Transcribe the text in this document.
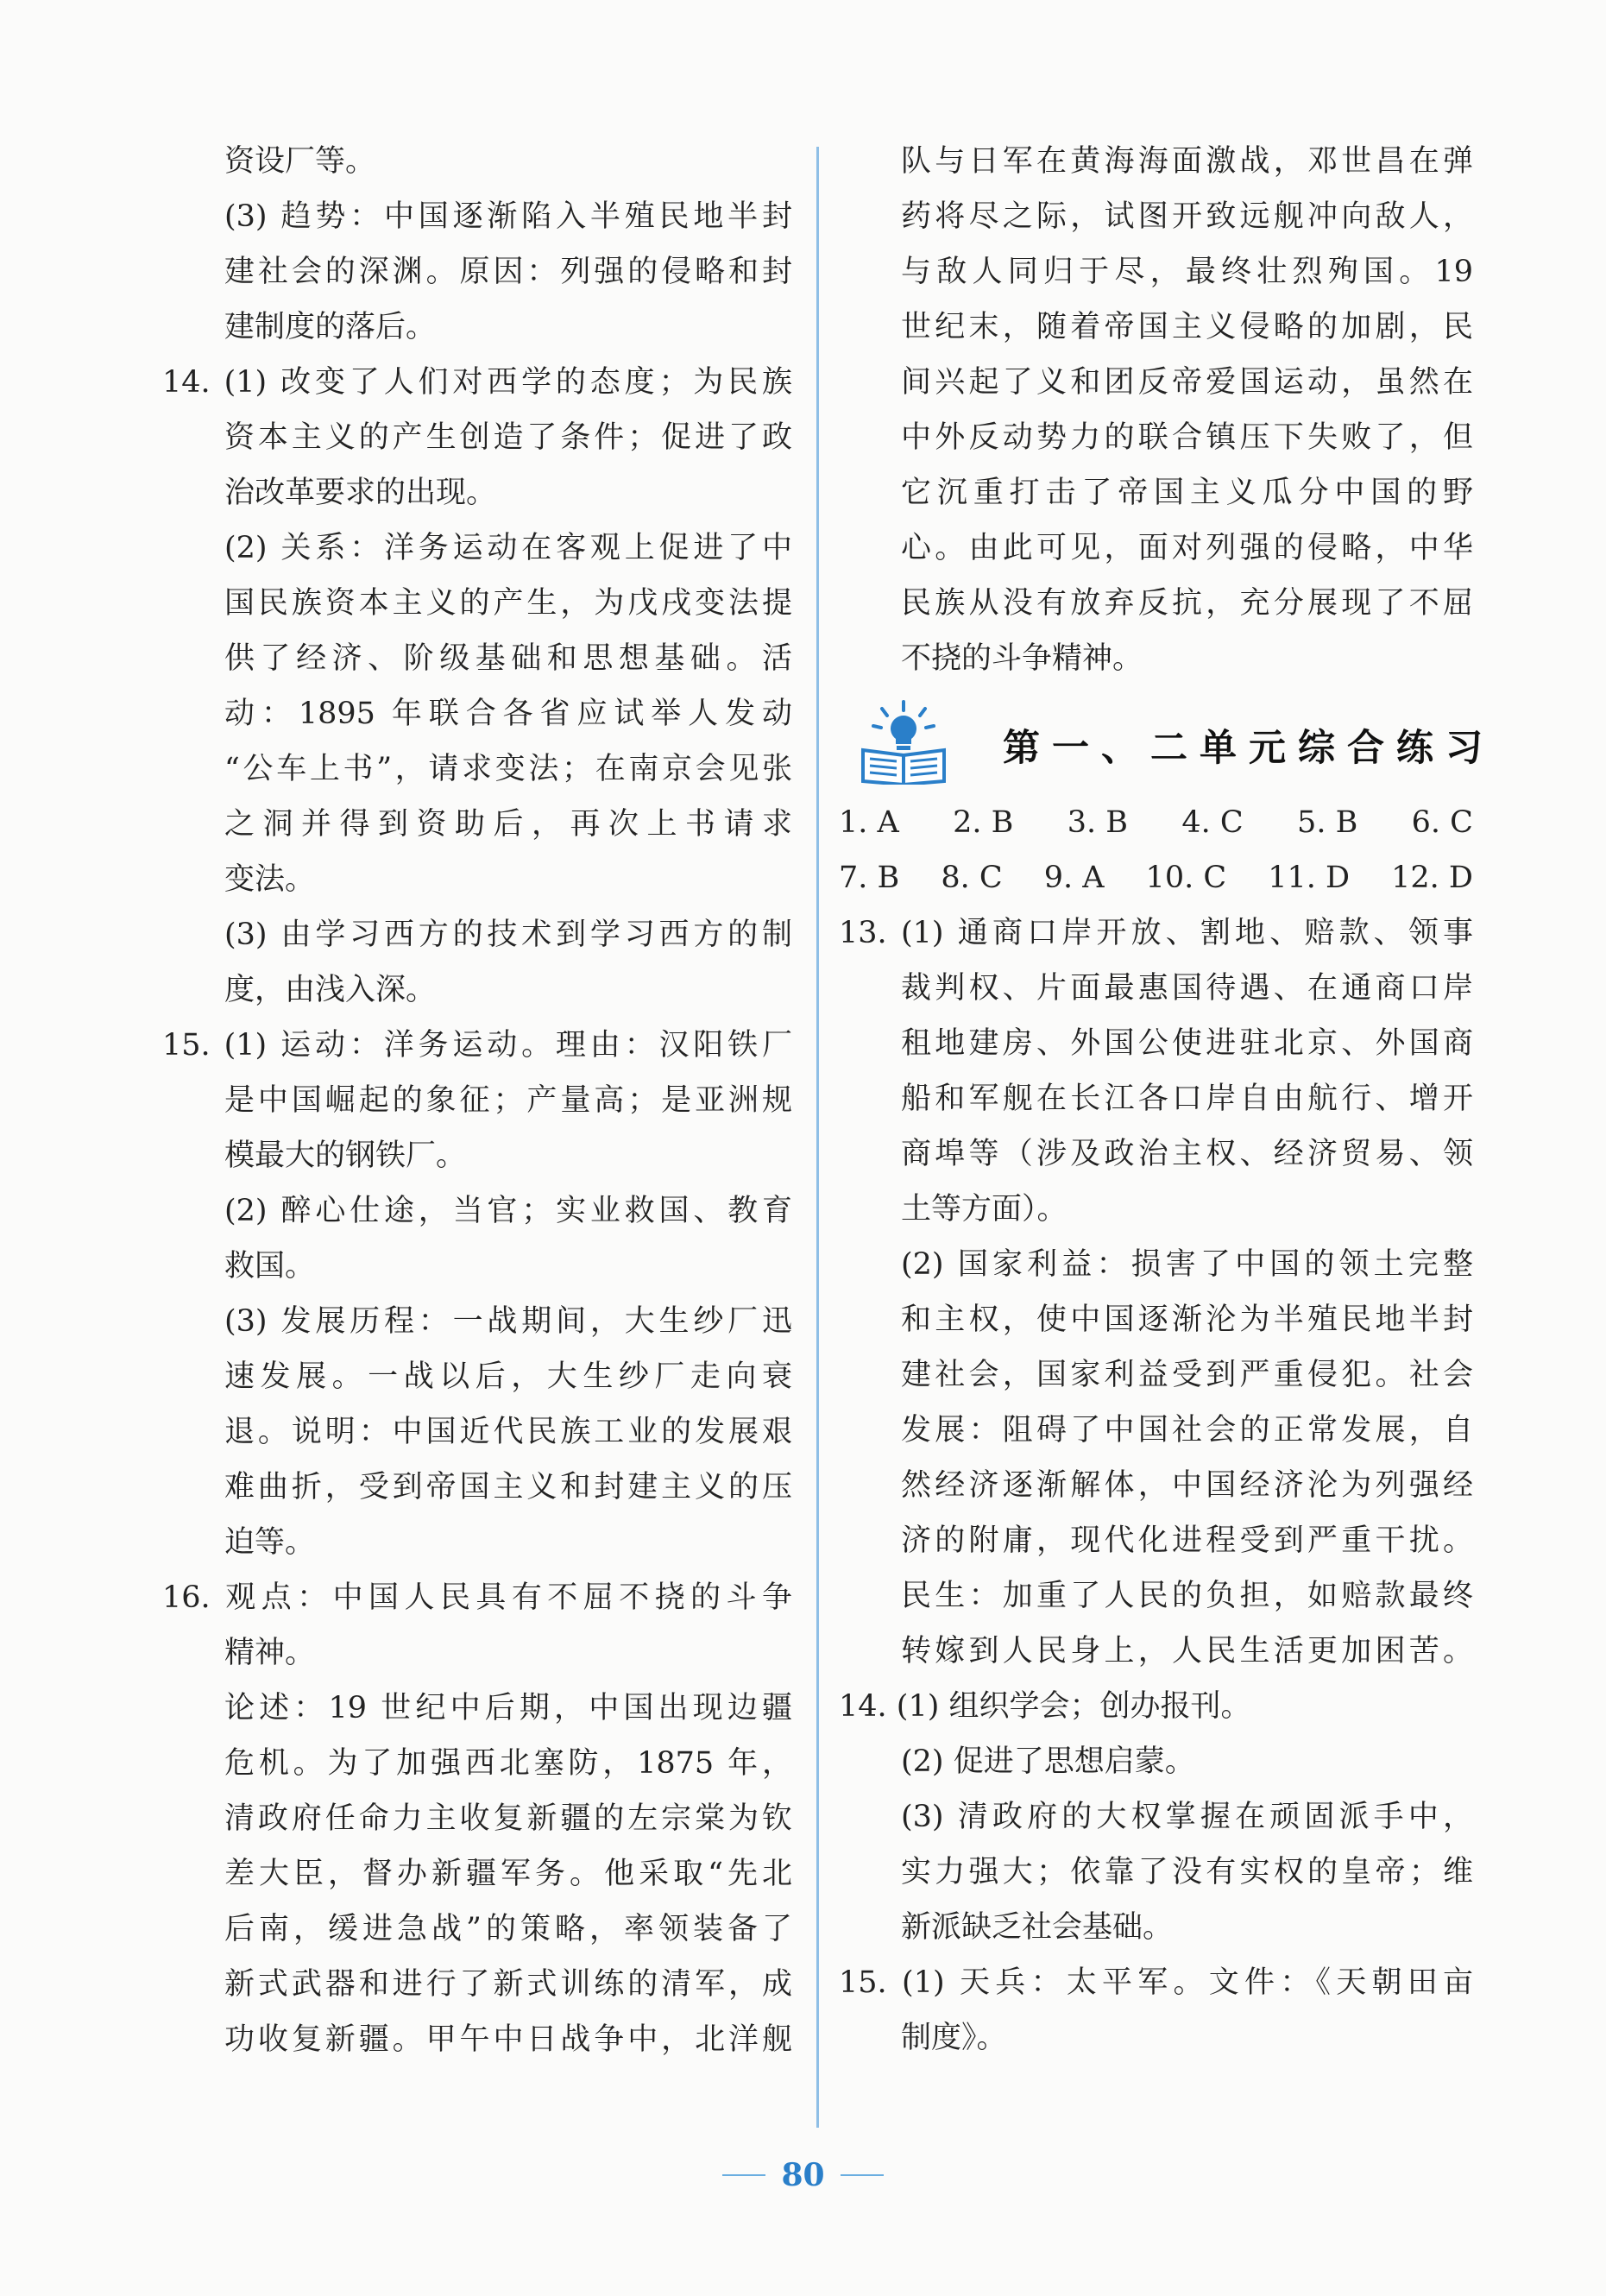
资设厂等。
(3) 趋势：中国逐渐陷入半殖民地半封
建社会的深渊。原因：列强的侵略和封
建制度的落后。
14. (1) 改变了人们对西学的态度；为民族
资本主义的产生创造了条件；促进了政
治改革要求的出现。
(2) 关系：洋务运动在客观上促进了中
国民族资本主义的产生，为戊戌变法提
供了经济、阶级基础和思想基础。活
动：1895 年联合各省应试举人发动
“公车上书”，请求变法；在南京会见张
之洞并得到资助后，再次上书请求
变法。
(3) 由学习西方的技术到学习西方的制
度，由浅入深。
15. (1) 运动：洋务运动。理由：汉阳铁厂
是中国崛起的象征；产量高；是亚洲规
模最大的钢铁厂。
(2) 醉心仕途，当官；实业救国、教育
救国。
(3) 发展历程：一战期间，大生纱厂迅
速发展。一战以后，大生纱厂走向衰
退。说明：中国近代民族工业的发展艰
难曲折，受到帝国主义和封建主义的压
迫等。
16. 观点：中国人民具有不屈不挠的斗争
精神。
论述：19 世纪中后期，中国出现边疆
危机。为了加强西北塞防，1875 年，
清政府任命力主收复新疆的左宗棠为钦
差大臣，督办新疆军务。他采取“先北
后南，缓进急战”的策略，率领装备了
新式武器和进行了新式训练的清军，成
功收复新疆。甲午中日战争中，北洋舰
队与日军在黄海海面激战，邓世昌在弹
药将尽之际，试图开致远舰冲向敌人，
与敌人同归于尽，最终壮烈殉国。19
世纪末，随着帝国主义侵略的加剧，民
间兴起了义和团反帝爱国运动，虽然在
中外反动势力的联合镇压下失败了，但
它沉重打击了帝国主义瓜分中国的野
心。由此可见，面对列强的侵略，中华
民族从没有放弃反抗，充分展现了不屈
不挠的斗争精神。
第一、二单元综合练习
1. A 2. B 3. B 4. C 5. B 6. C
7. B 8. C 9. A 10. C 11. D 12. D
13. (1) 通商口岸开放、割地、赔款、领事
裁判权、片面最惠国待遇、在通商口岸
租地建房、外国公使进驻北京、外国商
船和军舰在长江各口岸自由航行、增开
商埠等（涉及政治主权、经济贸易、领
土等方面）。
(2) 国家利益：损害了中国的领土完整
和主权，使中国逐渐沦为半殖民地半封
建社会，国家利益受到严重侵犯。社会
发展：阻碍了中国社会的正常发展，自
然经济逐渐解体，中国经济沦为列强经
济的附庸，现代化进程受到严重干扰。
民生：加重了人民的负担，如赔款最终
转嫁到人民身上，人民生活更加困苦。
14. (1) 组织学会；创办报刊。
(2) 促进了思想启蒙。
(3) 清政府的大权掌握在顽固派手中，
实力强大；依靠了没有实权的皇帝；维
新派缺乏社会基础。
15. (1) 天兵：太平军。文件：《天朝田亩
制度》。
80
